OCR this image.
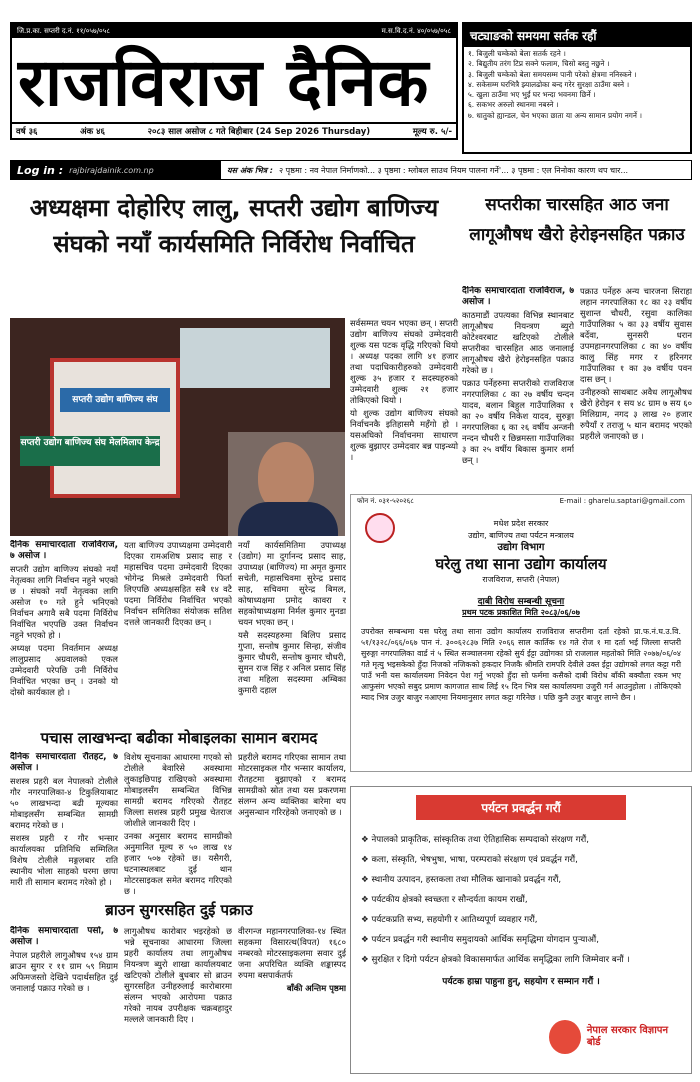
जि.प्र.का. सप्तरी द.नं. ११/०५७/०५८	म.स.वि.द.नं. ४०/०५७/०५८
राजविराज दैनिक
वर्ष ३६	अंक ४६	२०८३ साल असोज ८ गते बिहीबार (24 Sep 2026 Thursday)	मूल्य रु. ५/-
चट्याङको समयमा सर्तक रहौं
१. बिजुली चम्केको बेला सतर्क रहने ।
२. बिद्युतीय तरंग टिप्न सक्ने फलाम, चिसो बस्तु नछुने ।
३. बिजुली चम्केको बेला समयसम्म पानी परेको क्षेत्रमा ननिस्कने ।
४. सकेसम्म घरभित्रै झ्यालढोका बन्द गरेर सुरक्षा ठाउँमा बस्ने ।
५. खुला ठाउँमा भए भुईं घर भन्दा भवनमा छिर्ने ।
६. सकभर अरुलो स्थानमा नबस्ने ।
७. धातुको ह्यान्डल, चेन भएका छाता या अन्य सामान प्रयोग नगर्ने ।
Log in : rajbirajdainik.com.np	यस अंक भित्र : २ पृष्ठमा : नव नेपाल निर्माणको... ३ पृष्ठमा : म्लोबल साउथ नियम पालना गर्ने'... ३ पृष्ठमा : एल निनोका कारण थप चार...
अध्यक्षमा दोहोरिए लालु, सप्तरी उद्योग बाणिज्य संघको नयाँ कार्यसमिति निर्विरोध निर्वाचित
सप्तरीका चारसहित आठ जना लागूऔषध खैरो हेरोइनसहित पक्राउ
सप्तरी उद्योग बाणिज्य संघ
सप्तरी उद्योग बाणिज्य संघ मेलमिलाप केन्द्र

सर्वसम्मत चयन भएका छन् । सप्तरी उद्योग बाणिज्य संघको उम्मेदवारी शुल्क यस पटक वृद्धि गरिएको थियो । अध्यक्ष पदका लागि ४१ हजार तथा पदाधिकारीहरुको उम्मेदवारी शुल्क ३५ हजार र सदस्यहरुको उम्मेदवारी शुल्क २१ हजार तोकिएको थियो ।

यो शुल्क उद्योग बाणिज्य संघको निर्वाचनकै इतिहासमै महँगो हो । यसअघिको निर्वाचनमा साधारण शुल्क बुझाएर उम्मेदवार बन्न पाइन्थ्यो ।

दैनिक समाचारदाता राजविराज, ७ असोज ।

सप्तरी उद्योग बाणिज्य संघको नयाँ नेतृत्वका लागि निर्वाचन नहुने भएको छ । संघको नयाँ नेतृत्वका लागि असोज १० गते हुने भनिएको निर्वाचन अगावै सबै पदमा निर्विरोध निर्वाचित भएपछि उक्त निर्वाचन नहुने भएको हो ।

अध्यक्ष पदमा निवर्तमान अध्यक्ष लालुप्रसाद अग्रवालको एकल उम्मेदवारी परेपछि उनी निर्विरोध निर्वाचित भएका छन् । उनको यो दोस्रो कार्यकाल हो ।

यता बाणिज्य उपाध्यक्षमा उम्मेदवारी दिएका रामअशिष प्रसाद साह र महासचिव पदमा उम्मेदवारी दिएका भोगेन्द्र मिश्रले उम्मेदवारी फिर्ता लिएपछि अध्यक्षसहित सबै १४ वटै पदमा निर्विरोध निर्वाचित भएको निर्वाचन समितिका संयोजक सतिश दत्तले जानकारी दिएका छन् ।

नयाँ कार्यसमितिमा उपाध्यक्ष (उद्योग) मा दुर्गानन्द प्रसाद साह, उपाध्यक्ष (बाणिज्य) मा अमृत कुमार सचेती, महासचिवमा सुरेन्द्र प्रसाद साह, सचिवमा सुरेन्द्र बिमल, कोषाध्यक्षमा प्रमोद कावरा र सहकोषाध्यक्षमा निर्मल कुमार मुनडा चयन भएका छन् ।

यसै सदस्यहरुमा बिलिप प्रसाद गुप्ता, सन्तोष कुमार सिन्हा, संजीव कुमार चौधरी, सन्तोष कुमार चौधरी, सुमन राज सिंह र अनिल प्रसाद सिंह तथा महिला सदस्यमा अम्बिका कुमारी दहाल

दैनिक समाचारदाता राजविराज, ७ असोज ।

काठमाडौं उपत्यका विभिन्न स्थानबाट लागूऔषध नियन्त्रण ब्युरो कोटेश्वरबाट खटिएको टोलीले सप्तरीका चारसहित आठ जनालाई लागूऔषध खैरो हेरोइनसहित पक्राउ गरेको छ ।

पक्राउ पर्नेहरुमा सप्तरीको राजविराज नगरपालिका ८ का २७ वर्षीय चन्दन यादव, बलान बिहुल गाउँपालिका १ का २० वर्षीय निकेश यादव, सुरुङ्गा नगरपालिका ६ का २६ वर्षीय अन्जनी नन्दन चौधरी र छिन्नमस्ता गाउँपालिका ३ का २५ वर्षीय बिकास कुमार शर्मा छन् ।

पक्राउ पर्नेहरु अन्य चारजना सिराहा लहान नगरपालिका १८ का २३ वर्षीय सुशान्त चौधरी, रसुवा कालिका गाउँपालिका ५ का ३३ वर्षीय सुवास बर्देवा, सुनसरी धरान उपमहानगरपालिका ८ का ४० वर्षीय कालु सिंह मगर र हरिनगर गाउँपालिका १ का ३७ वर्षीय पवन दास छन् ।

उनीहरुको साथबाट अवैध लागूऔषध खैरो हेरोइन १ सय ४८ ग्राम ७ सय ६० मिलिग्राम, नगद ३ लाख २० हजार रुपैयाँ र तराजु ५ थान बरामद भएको प्रहरीले जनाएको छ ।

फोन नं. ०३१-५२०२६८	E-mail : gharelu.saptari@gmail.com
मधेश प्रदेश सरकार
उद्योग, बाणिज्य तथा पर्यटन मन्त्रालय
उद्योग विभाग
घरेलु तथा साना उद्योग कार्यालय
राजविराज, सप्तरी (नेपाल)
दाबी विरोध सम्बन्धी सूचना
प्रथम पटक प्रकाशित मिति २०८३/०६/०७
उपरोक्त सम्बन्धमा यस घरेलु तथा साना उद्योग कार्यालय राजविराज सप्तरीमा दर्ता रहेको प्रा.फ.नं.घ.उ.वि. ५१/१३२८/०६६/०६७ पान नं. ३००६२८३७ मिति २०६६ साल कार्तिक १४ गते रोज १ मा दर्ता भई जिल्ला सप्तरी सुरुङ्गा नगरपालिका वार्ड नं ५ स्थित सञ्चालनमा रहेको सुर्य ईट्टा उद्योगका प्रो राजलाल महतोको मिति २०७७/०६/०४ गते मृत्यु भइसकेको हुँदा निजको नजिकको हकदार निजकै श्रीमति रामपरि देवीले उक्त ईट्टा उद्योगको लगत कट्टा गरी पाउँ भनी यस कार्यालयमा निवेदन पेश गर्नु भएको हुँदा सो फर्ममा कसैको दाबी विरोध बाँकी बक्यौता रकम भए आफुसंग भएको सबुद प्रमाण कागजात साथ लिई १५ दिन भित्र यस कार्यालयमा उजुरी गर्न आउनुहोला । तोकिएको म्याद भित्र उजुर बाजुर नआएमा नियमानुसार लगत कट्टा गरिनेछ । पछि कुनै उजुर बाजुर लाग्ने छैन ।
पचास लाखभन्दा बढीका मोबाइलका सामान बरामद

दैनिक समाचारदाता रौतहट, ७ असोज ।

सशस्त्र प्रहरी बल नेपालको टोलीले गौर नगरपालिका-४ टिकुलियाबाट ५० लाखभन्दा बढी मूल्यका मोबाइलसँग सम्बन्धित सामग्री बरामद गरेको छ ।

सशस्त्र प्रहरी र गौर भन्सार कार्यालयका प्रतिनिधि सम्मिलित विशेष टोलीले मङ्गलबार राति स्थानीय भोला साहको घरमा छापा मारी ती सामान बरामद गरेको हो ।

विशेष सूचनाका आधारमा गएको सो टोलीले बेवारिसे अवस्थामा लुकाइछिपाइ राखिएको अवस्थामा मोबाइलसँग सम्बन्धित विभिन्न सामग्री बरामद गरिएको रौतहट जिल्ला सशस्त्र प्रहरी प्रमुख चेतराज जोशीले जानकारी दिए ।

उनका अनुसार बरामद सामग्रीको अनुमानित मूल्य रु ५० लाख १४ हजार ५०७ रहेको छ। यसैगरी, घटनास्थलबाट दुई थान मोटरसाइकल समेत बरामद गरिएको छ ।

प्रहरीले बरामद गरिएका सामान तथा मोटरसाइकल गौर भन्सार कार्यालय, रौतहटमा बुझाएको र बरामद सामग्रीको स्रोत तथा यस प्रकरणमा संलग्न अन्य व्यक्तिका बारेमा थप अनुसन्धान गरिरहेको जनाएको छ ।

ब्राउन सुगरसहित दुई पक्राउ

दैनिक समाचारदाता पर्सा, ७ असोज ।

नेपाल प्रहरीले लागुऔषध १५४ ग्राम ब्राउन सुगर र ११ ग्राम ५९ मिग्राम अफिमजस्तो देखिने पदार्थसहित दुई जनालाई पक्राउ गरेको छ ।

लागुऔषध कारोबार भइरहेको छ भन्ने सूचनाका आधारमा जिल्ला प्रहरी कार्यालय तथा लागुऔषध नियन्त्रण ब्युरो शाखा कार्यालयबाट खटिएको टोलीले बुधबार सो ब्राउन सुगरसहित उनीहरुलाई कारोबारमा संलग्न भएको आरोपमा पक्राउ गरेको नायब उपरीक्षक चक्रबहादुर मल्लले जानकारी दिए ।

वीरगन्ज महानगरपालिका-१४ स्थित सहकमा विसारत्थ(विपत) १६८० नम्बरको मोटरसाइकलमा सवार दुई जना अपरिचित व्यक्ति शङ्कास्पद रुपमा बसपार्कतर्फ

बाँकी अन्तिम पृष्ठमा

पर्यटन प्रवर्द्धन गरौं
❖ नेपालको प्राकृतिक, सांस्कृतिक तथा ऐतिहासिक सम्पदाको संरक्षण गरौं,
❖ कला, संस्कृति, भेषभुषा, भाषा, परम्पराको संरक्षण एवं प्रवर्द्धन गरौं,
❖ स्थानीय उत्पादन, हस्तकला तथा मौलिक खानाको प्रवर्द्धन गरौं,
❖ पर्यटकीय क्षेत्रको स्वच्छता र सौन्दर्यता कायम राखौं,
❖ पर्यटकप्रति सभ्य, सहयोगी र आतिथ्यपूर्ण व्यवहार गरौं,
❖ पर्यटन प्रवर्द्धन गरी स्थानीय समुदायको आर्थिक समृद्धिमा योगदान पुऱ्याऔं,
❖ सुरक्षित र दिगो पर्यटन क्षेत्रको विकासमार्फत आर्थिक समृद्धिका लागि जिम्मेवार बनौं ।
पर्यटक हाम्रा पाहुना हुन्, सहयोग र सम्मान गरौं ।
नेपाल सरकार विज्ञापन बोर्ड
